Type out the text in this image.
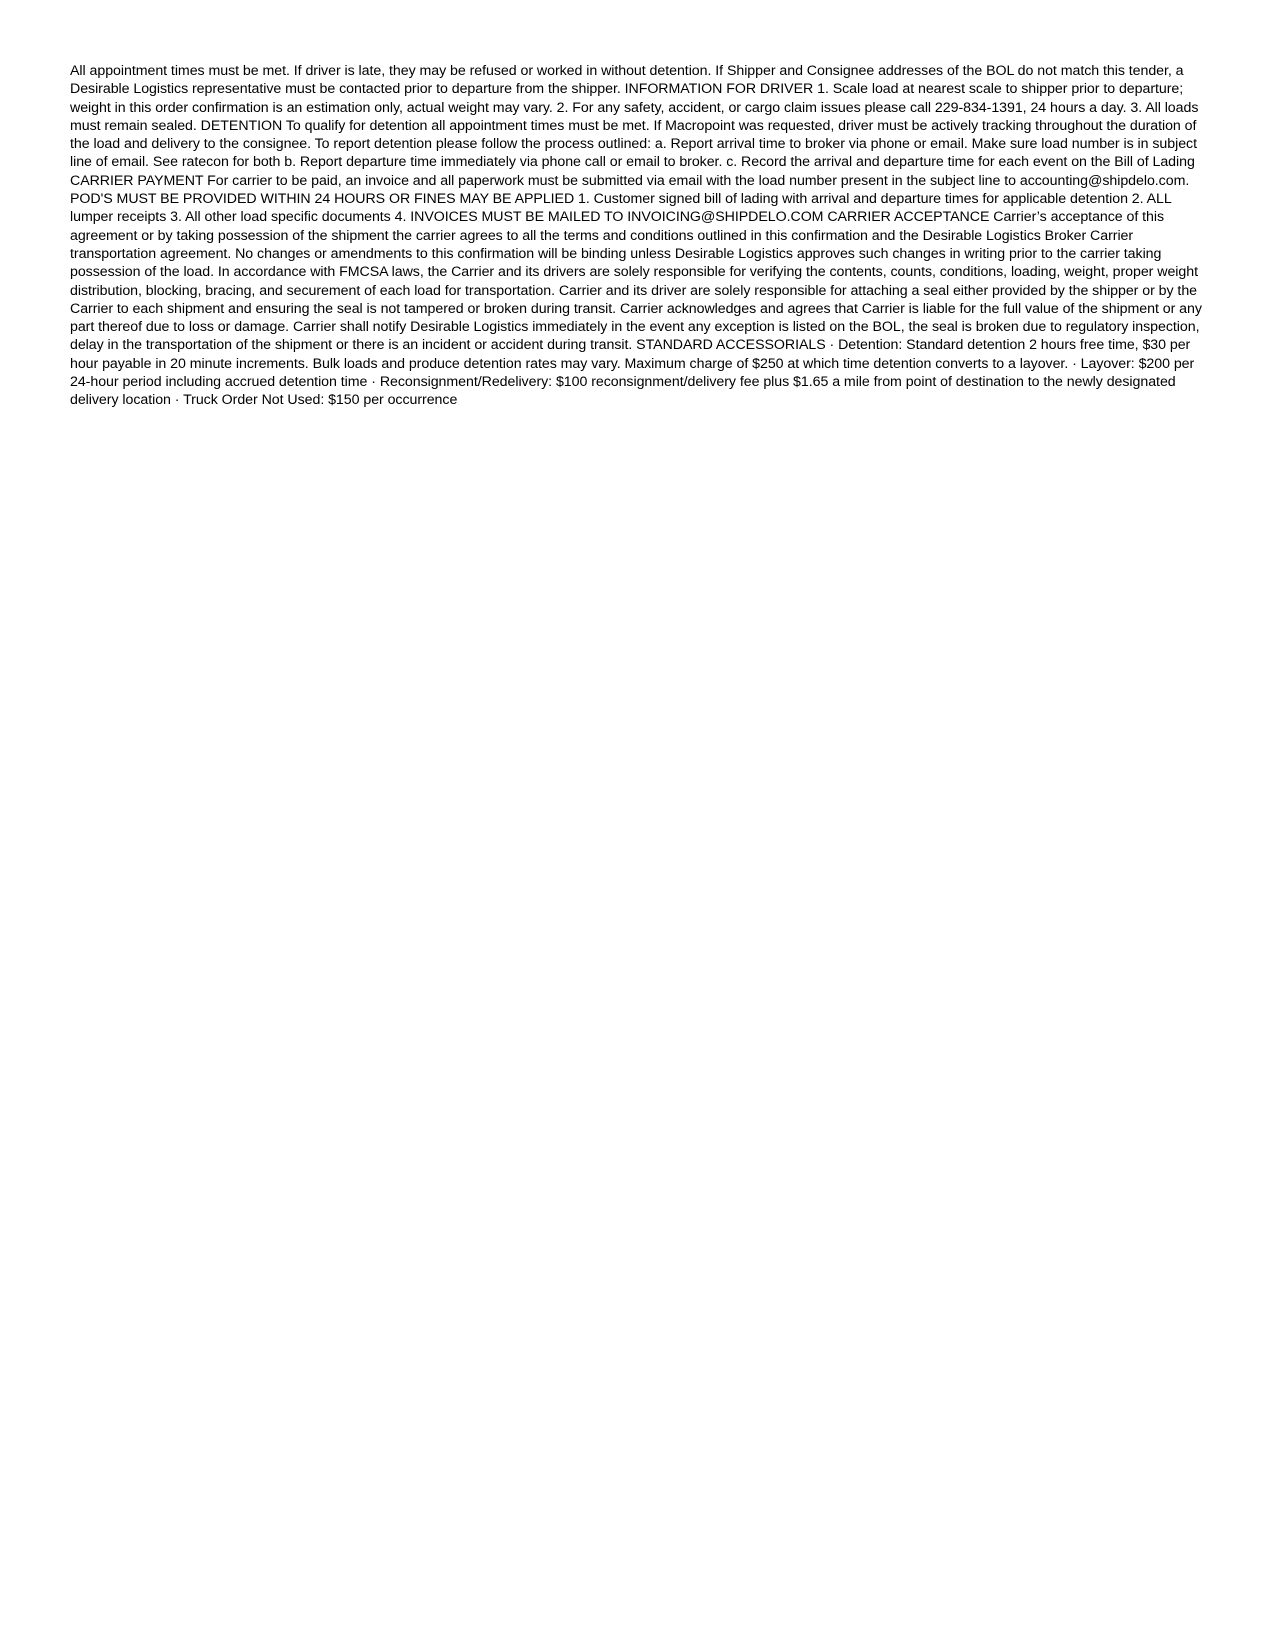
All appointment times must be met. If driver is late, they may be refused or worked in without detention. If Shipper and Consignee addresses of the BOL do not match this tender, a Desirable Logistics representative must be contacted prior to departure from the shipper. INFORMATION FOR DRIVER 1. Scale load at nearest scale to shipper prior to departure; weight in this order confirmation is an estimation only, actual weight may vary. 2. For any safety, accident, or cargo claim issues please call 229-834-1391, 24 hours a day. 3. All loads must remain sealed. DETENTION To qualify for detention all appointment times must be met. If Macropoint was requested, driver must be actively tracking throughout the duration of the load and delivery to the consignee. To report detention please follow the process outlined: a. Report arrival time to broker via phone or email. Make sure load number is in subject line of email. See ratecon for both b. Report departure time immediately via phone call or email to broker. c. Record the arrival and departure time for each event on the Bill of Lading CARRIER PAYMENT For carrier to be paid, an invoice and all paperwork must be submitted via email with the load number present in the subject line to accounting@shipdelo.com. POD'S MUST BE PROVIDED WITHIN 24 HOURS OR FINES MAY BE APPLIED 1. Customer signed bill of lading with arrival and departure times for applicable detention 2. ALL lumper receipts 3. All other load specific documents 4. INVOICES MUST BE MAILED TO INVOICING@SHIPDELO.COM CARRIER ACCEPTANCE Carrier’s acceptance of this agreement or by taking possession of the shipment the carrier agrees to all the terms and conditions outlined in this confirmation and the Desirable Logistics Broker Carrier transportation agreement. No changes or amendments to this confirmation will be binding unless Desirable Logistics approves such changes in writing prior to the carrier taking possession of the load. In accordance with FMCSA laws, the Carrier and its drivers are solely responsible for verifying the contents, counts, conditions, loading, weight, proper weight distribution, blocking, bracing, and securement of each load for transportation. Carrier and its driver are solely responsible for attaching a seal either provided by the shipper or by the Carrier to each shipment and ensuring the seal is not tampered or broken during transit. Carrier acknowledges and agrees that Carrier is liable for the full value of the shipment or any part thereof due to loss or damage. Carrier shall notify Desirable Logistics immediately in the event any exception is listed on the BOL, the seal is broken due to regulatory inspection, delay in the transportation of the shipment or there is an incident or accident during transit. STANDARD ACCESSORIALS · Detention: Standard detention 2 hours free time, $30 per hour payable in 20 minute increments. Bulk loads and produce detention rates may vary. Maximum charge of $250 at which time detention converts to a layover. · Layover: $200 per 24-hour period including accrued detention time · Reconsignment/Redelivery: $100 reconsignment/delivery fee plus $1.65 a mile from point of destination to the newly designated delivery location · Truck Order Not Used: $150 per occurrence
